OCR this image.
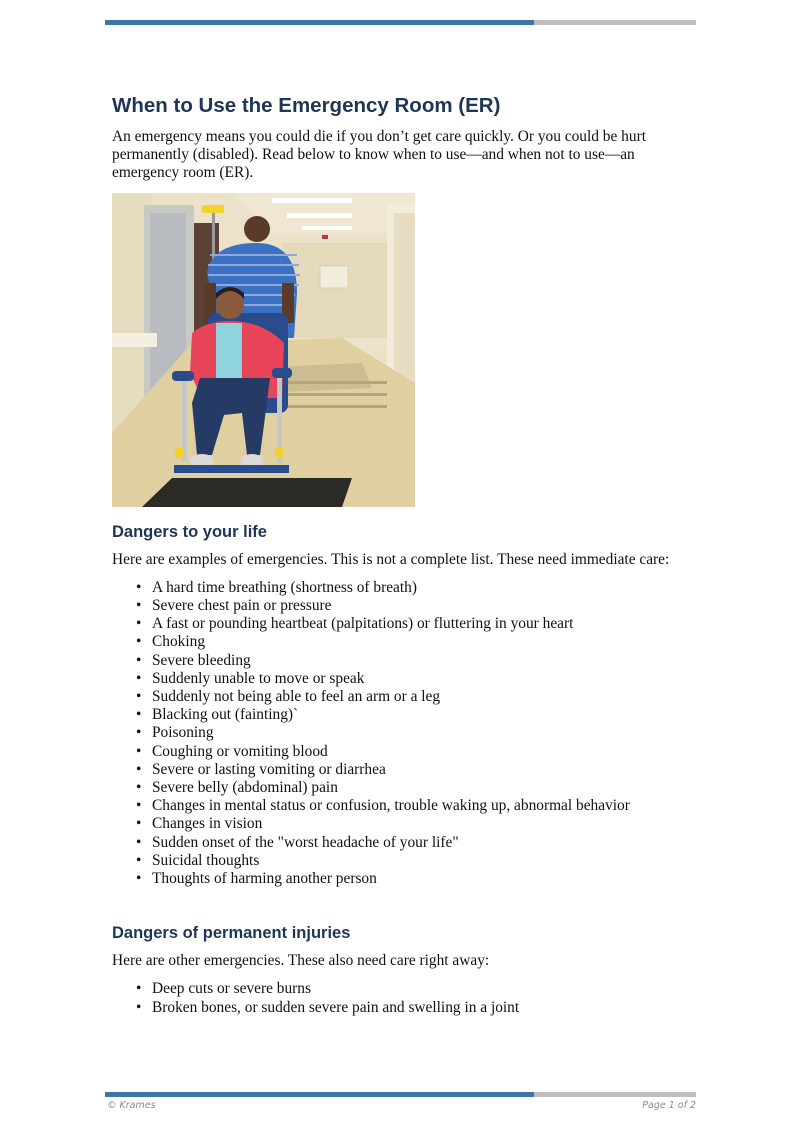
When to Use the Emergency Room (ER)

An emergency means you could die if you don’t get care quickly. Or you could be hurt permanently (disabled). Read below to know when to use—and when not to use—an emergency room (ER).

Dangers to your life

Here are examples of emergencies. This is not a complete list. These need immediate care:

• A hard time breathing (shortness of breath)
• Severe chest pain or pressure
• A fast or pounding heartbeat (palpitations) or fluttering in your heart
• Choking
• Severe bleeding
• Suddenly unable to move or speak
• Suddenly not being able to feel an arm or a leg
• Blacking out (fainting)`
• Poisoning
• Coughing or vomiting blood
• Severe or lasting vomiting or diarrhea
• Severe belly (abdominal) pain
• Changes in mental status or confusion, trouble waking up, abnormal behavior
• Changes in vision
• Sudden onset of the "worst headache of your life"
• Suicidal thoughts
• Thoughts of harming another person
Dangers of permanent injuries

Here are other emergencies. These also need care right away:

• Deep cuts or severe burns
• Broken bones, or sudden severe pain and swelling in a joint
© Krames	Page 1 of 2
